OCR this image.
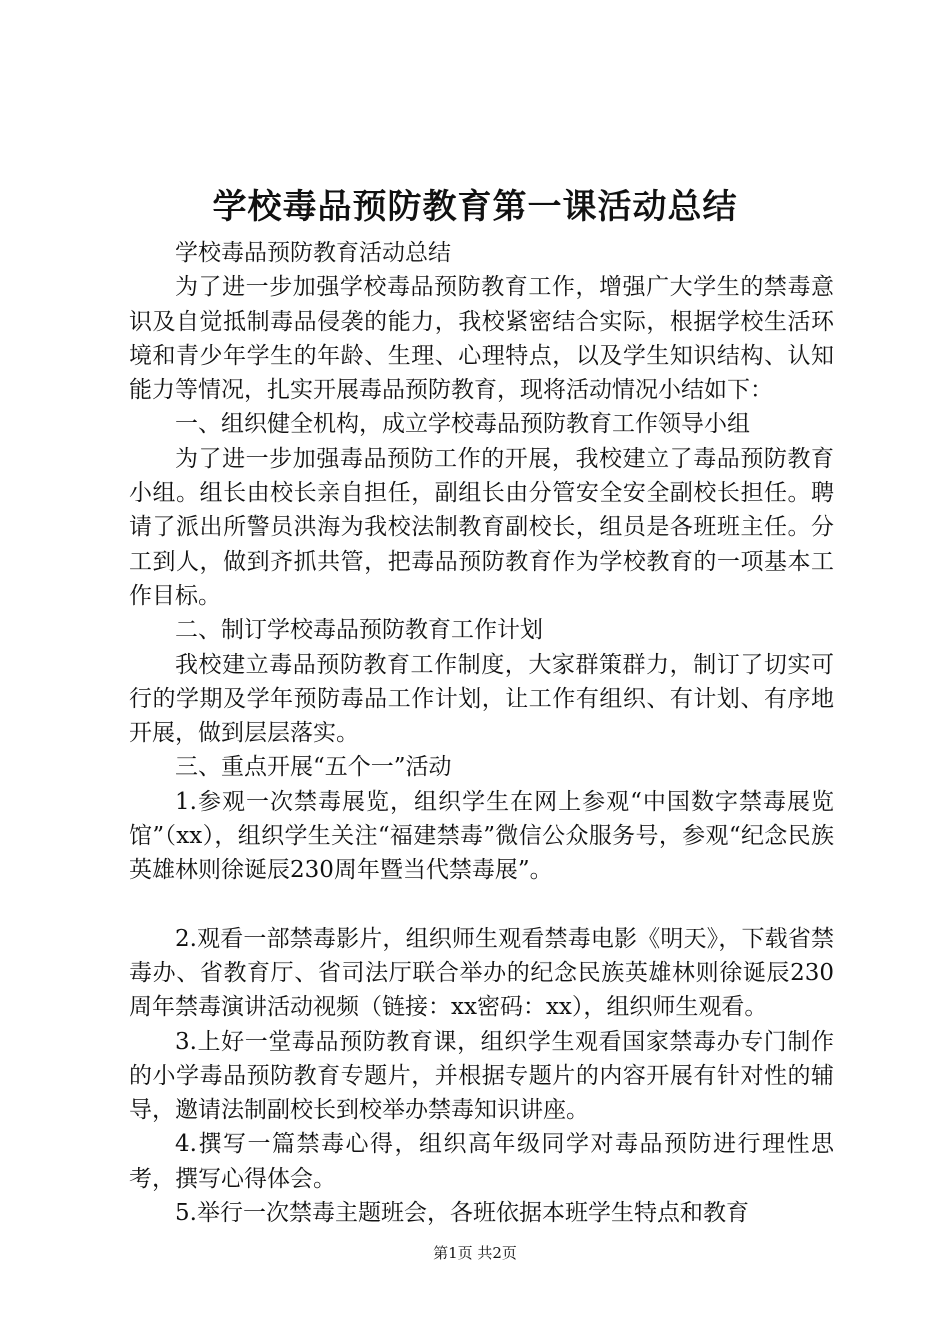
学校毒品预防教育第一课活动总结

学校毒品预防教育活动总结

为了进一步加强学校毒品预防教育工作，增强广大学生的禁毒意识及自觉抵制毒品侵袭的能力，我校紧密结合实际，根据学校生活环境和青少年学生的年龄、生理、心理特点，以及学生知识结构、认知能力等情况，扎实开展毒品预防教育，现将活动情况小结如下：

一、组织健全机构，成立学校毒品预防教育工作领导小组

为了进一步加强毒品预防工作的开展，我校建立了毒品预防教育小组。组长由校长亲自担任，副组长由分管安全安全副校长担任。聘请了派出所警员洪海为我校法制教育副校长，组员是各班班主任。分工到人，做到齐抓共管，把毒品预防教育作为学校教育的一项基本工作目标。

二、制订学校毒品预防教育工作计划

我校建立毒品预防教育工作制度，大家群策群力，制订了切实可行的学期及学年预防毒品工作计划，让工作有组织、有计划、有序地开展，做到层层落实。

三、重点开展“五个一”活动

1.参观一次禁毒展览，组织学生在网上参观“中国数字禁毒展览馆”（xx），组织学生关注“福建禁毒”微信公众服务号，参观“纪念民族英雄林则徐诞辰230周年暨当代禁毒展”。

2.观看一部禁毒影片，组织师生观看禁毒电影《明天》，下载省禁毒办、省教育厅、省司法厅联合举办的纪念民族英雄林则徐诞辰230周年禁毒演讲活动视频（链接：xx密码：xx），组织师生观看。

3.上好一堂毒品预防教育课，组织学生观看国家禁毒办专门制作的小学毒品预防教育专题片，并根据专题片的内容开展有针对性的辅导，邀请法制副校长到校举办禁毒知识讲座。

4.撰写一篇禁毒心得，组织高年级同学对毒品预防进行理性思考，撰写心得体会。

5.举行一次禁毒主题班会，各班依据本班学生特点和教育

第1页 共2页
